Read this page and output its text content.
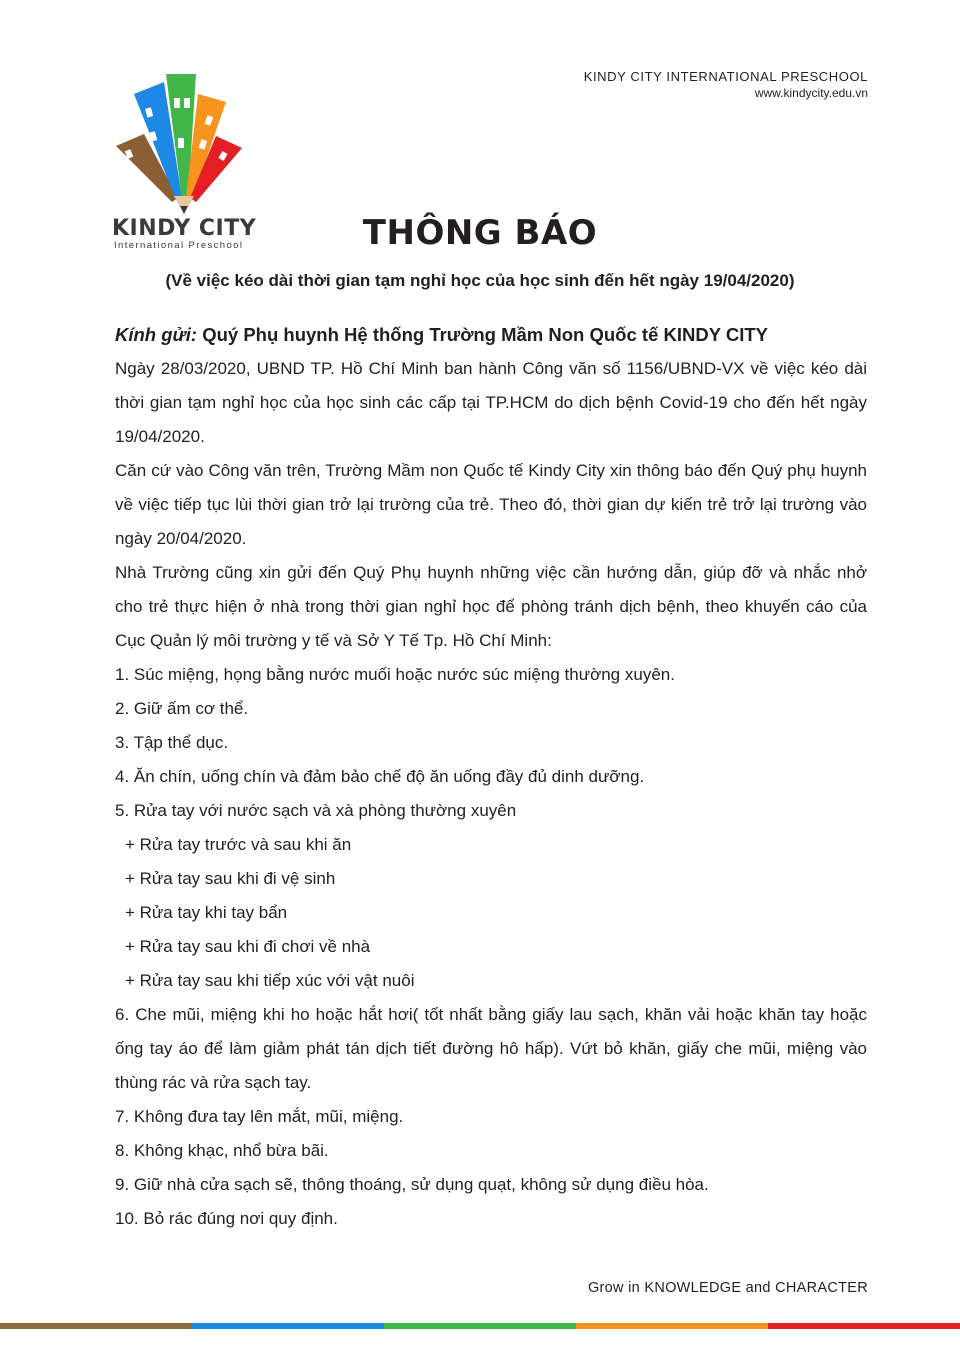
KINDY CITY INTERNATIONAL PRESCHOOL
www.kindycity.edu.vn
KINDY CITY
International Preschool	THÔNG BÁO
(Về việc kéo dài thời gian tạm nghỉ học của học sinh đến hết ngày 19/04/2020)

Kính gửi: Quý Phụ huynh Hệ thống Trường Mầm Non Quốc tế KINDY CITY

Ngày 28/03/2020, UBND TP. Hồ Chí Minh ban hành Công văn số 1156/UBND-VX về việc kéo dài thời gian tạm nghỉ học của học sinh các cấp tại TP.HCM do dịch bệnh Covid-19 cho đến hết ngày 19/04/2020.

Căn cứ vào Công văn trên, Trường Mầm non Quốc tế Kindy City xin thông báo đến Quý phụ huynh về việc tiếp tục lùi thời gian trở lại trường của trẻ. Theo đó, thời gian dự kiến trẻ trở lại trường vào ngày 20/04/2020.

Nhà Trường cũng xin gửi đến Quý Phụ huynh những việc cần hướng dẫn, giúp đỡ và nhắc nhở cho trẻ thực hiện ở nhà trong thời gian nghỉ học để phòng tránh dịch bệnh, theo khuyến cáo của Cục Quản lý môi trường y tế và Sở Y Tế Tp. Hồ Chí Minh:

1. Súc miệng, họng bằng nước muối hoặc nước súc miệng thường xuyên.

2. Giữ ấm cơ thể.

3. Tập thể dục.

4. Ăn chín, uống chín và đảm bảo chế độ ăn uống đầy đủ dinh dưỡng.

5. Rửa tay với nước sạch và xà phòng thường xuyên

+ Rửa tay trước và sau khi ăn

+ Rửa tay sau khi đi vệ sinh

+ Rửa tay khi tay bẩn

+ Rửa tay sau khi đi chơi về nhà

+ Rửa tay sau khi tiếp xúc với vật nuôi

6. Che mũi, miệng khi ho hoặc hắt hơi( tốt nhất bằng giấy lau sạch, khăn vải hoặc khăn tay hoặc ống tay áo để làm giảm phát tán dịch tiết đường hô hấp). Vứt bỏ khăn, giấy che mũi, miệng vào thùng rác và rửa sạch tay.

7. Không đưa tay lên mắt, mũi, miệng.

8. Không khạc, nhổ bừa bãi.

9. Giữ nhà cửa sạch sẽ, thông thoáng, sử dụng quạt, không sử dụng điều hòa.

10. Bỏ rác đúng nơi quy định.

Grow in KNOWLEDGE and CHARACTER
